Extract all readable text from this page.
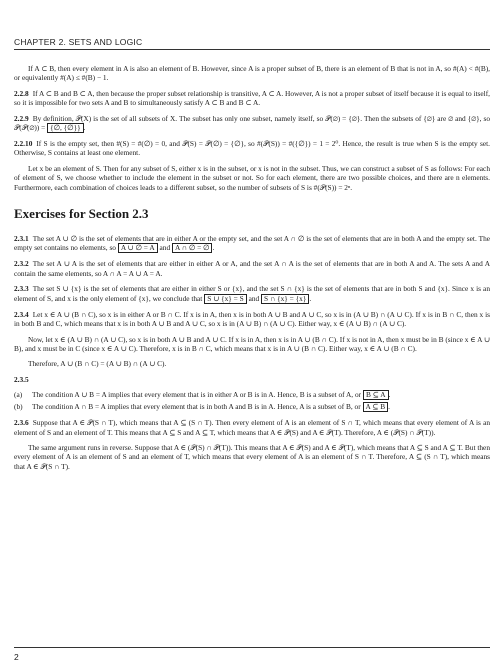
CHAPTER 2. SETS AND LOGIC

If A ⊂ B, then every element in A is also an element of B. However, since A is a proper subset of B, there is an element of B that is not in A, so #(A) < #(B), or equivalently #(A) ≤ #(B) − 1.

2.2.8 If A ⊂ B and B ⊂ A, then because the proper subset relationship is transitive, A ⊂ A. However, A is not a proper subset of itself because it is equal to itself, so it is impossible for two sets A and B to simultaneously satisfy A ⊂ B and B ⊂ A.

2.2.9 By definition, 𝒫(X) is the set of all subsets of X. The subset has only one subset, namely itself, so 𝒫(∅) = {∅}. Then the subsets of {∅} are ∅ and {∅}, so 𝒫(𝒫(∅)) = {∅, {∅}} .

2.2.10 If S is the empty set, then #(S) = #(∅) = 0, and 𝒫(S) = 𝒫(∅) = {∅}, so #(𝒫(S)) = #({∅}) = 1 = 2⁰. Hence, the result is true when S is the empty set. Otherwise, S contains at least one element.

Let x be an element of S. Then for any subset of S, either x is in the subset, or x is not in the subset. Thus, we can construct a subset of S as follows: For each of element of S, we choose whether to include the element in the subset or not. So for each element, there are two possible choices, and there are n elements. Furthermore, each combination of choices leads to a different subset, so the number of subsets of S is #(𝒫(S)) = 2ⁿ.

Exercises for Section 2.3

2.3.1 The set A ∪ ∅ is the set of elements that are in either A or the empty set, and the set A ∩ ∅ is the set of elements that are in both A and the empty set. The empty set contains no elements, so A ∪ ∅ = A and A ∩ ∅ = ∅ .

2.3.2 The set A ∪ A is the set of elements that are either in either A or A, and the set A ∩ A is the set of elements that are in both A and A. The sets A and A contain the same elements, so A ∩ A = A ∪ A = A.

2.3.3 The set S ∪ {x} is the set of elements that are either in either S or {x}, and the set S ∩ {x} is the set of elements that are in both S and {x}. Since x is an element of S, and x is the only element of {x}, we conclude that S ∪ {x} = S and S ∩ {x} = {x} .

2.3.4 Let x ∈ A ∪ (B ∩ C), so x is in either A or B ∩ C. If x is in A, then x is in both A ∪ B and A ∪ C, so x is in (A ∪ B) ∩ (A ∪ C). If x is in B ∩ C, then x is in both B and C, which means that x is in both A ∪ B and A ∪ C, so x is in (A ∪ B) ∩ (A ∪ C). Either way, x ∈ (A ∪ B) ∩ (A ∪ C).

Now, let x ∈ (A ∪ B) ∩ (A ∪ C), so x is in both A ∪ B and A ∪ C. If x is in A, then x is in A ∪ (B ∩ C). If x is not in A, then x must be in B (since x ∈ A ∪ B), and x must be in C (since x ∈ A ∪ C). Therefore, x is in B ∩ C, which means that x is in A ∪ (B ∩ C). Either way, x ∈ A ∪ (B ∩ C).

Therefore, A ∪ (B ∩ C) = (A ∪ B) ∩ (A ∪ C).

2.3.5

(a)	The condition A ∪ B = A implies that every element that is in either A or B is in A. Hence, B is a subset of A, or B ⊆ A .
(b)	The condition A ∩ B = A implies that every element that is in both A and B is in A. Hence, A is a subset of B, or A ⊆ B .

2.3.6 Suppose that A ∈ 𝒫(S ∩ T), which means that A ⊆ (S ∩ T). Then every element of A is an element of S ∩ T, which means that every element of A is an element of S and an element of T. This means that A ⊆ S and A ⊆ T, which means that A ∈ 𝒫(S) and A ∈ 𝒫(T). Therefore, A ∈ (𝒫(S) ∩ 𝒫(T)).

The same argument runs in reverse. Suppose that A ∈ (𝒫(S) ∩ 𝒫(T)). This means that A ∈ 𝒫(S) and A ∈ 𝒫(T), which means that A ⊆ S and A ⊆ T. But then every element of A is an element of S and an element of T, which means that every element of A is an element of S ∩ T. Therefore, A ⊆ (S ∩ T), which means that A ∈ 𝒫(S ∩ T).

2
